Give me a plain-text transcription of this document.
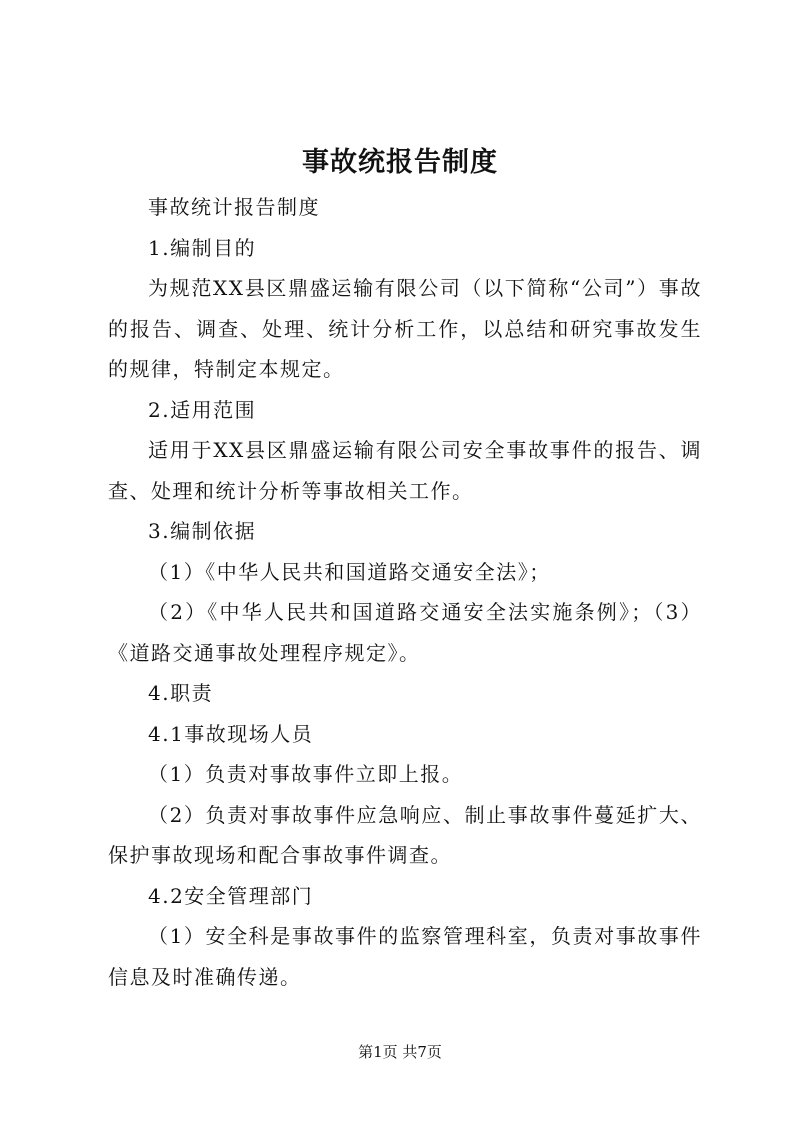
事故统报告制度

事故统计报告制度

1.编制目的

为规范XX县区鼎盛运输有限公司（以下简称“公司”）事故的报告、调查、处理、统计分析工作，以总结和研究事故发生的规律，特制定本规定。

2.适用范围

适用于XX县区鼎盛运输有限公司安全事故事件的报告、调查、处理和统计分析等事故相关工作。

3.编制依据

（1）《中华人民共和国道路交通安全法》；

（2）《中华人民共和国道路交通安全法实施条例》；（3）《道路交通事故处理程序规定》。

4.职责

4.1事故现场人员

（1）负责对事故事件立即上报。

（2）负责对事故事件应急响应、制止事故事件蔓延扩大、保护事故现场和配合事故事件调查。

4.2安全管理部门

（1）安全科是事故事件的监察管理科室，负责对事故事件信息及时准确传递。

第1页 共7页
